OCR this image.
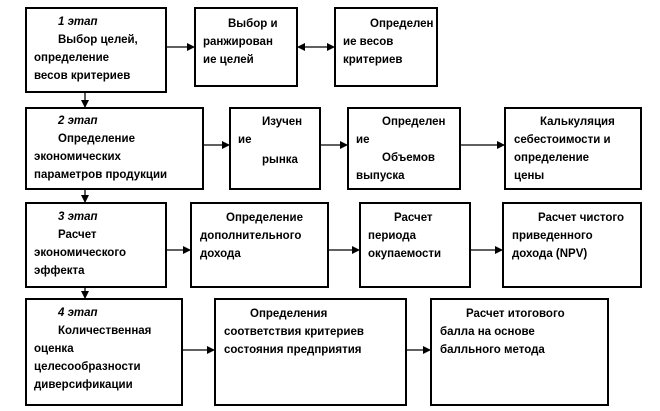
1 этап
Выбор целей,
определение
весов критериев
Выбор и
ранжирован
ие целей
Определен
ие весов
критериев
2 этап
Определение
экономических
параметров продукции
Изучен
ие
рынка
Определен
ие
Объемов
выпуска
Калькуляция
себестоимости и
определение
цены
3 этап
Расчет
экономического
эффекта
Определение
дополнительного
дохода
Расчет
периода
окупаемости
Расчет чистого
приведенного
дохода (NPV)
4 этап
Количественная
оценка
целесообразности
диверсификации
Определения
соответствия критериев
состояния предприятия
Расчет итогового
балла на основе
балльного метода
